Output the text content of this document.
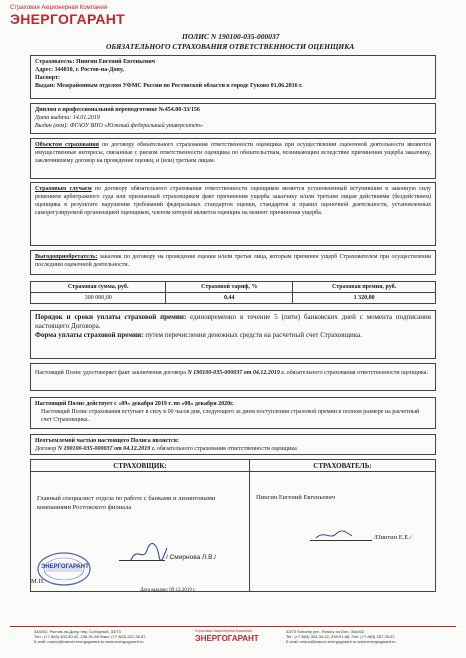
Страховая Акционерная Компания
ЭНЕРГОГАРАНТ
ПОЛИС N 190100-035-000037
ОБЯЗАТЕЛЬНОГО СТРАХОВАНИЯ ОТВЕТСТВЕННОСТИ ОЦЕНЩИКА
Страхователь: Пингин Евгений Евгеньевич
Адрес: 344010, г. Ростов-на-Дону,
Паспорт:
Выдан: Межрайонным отделом УФМС России по Ростовской области в городе Гуково 01.06.2016 г.
Диплом о профессиональной переподготовке №454.00-33/156
Дата выдачи: 14.01.2019
Выдан (кем): ФГАОУ ВПО «Южный федеральный университет»
Объектом страхования по договору обязательного страхования ответственности оценщика при осуществлении оценочной деятельности являются имущественные интересы, связанные с риском ответственности оценщика по обязательствам, возникающим вследствие причинения ущерба заказчику, заключившему договор на проведение оценки, и (или) третьим лицам.
Страховым случаем по договору обязательного страхования ответственности оценщиков является установленный вступившим в законную силу решением арбитражного суда или признанный страховщиком факт причинения ущерба заказчику и/или третьим лицам действиями (бездействием) оценщика в результате нарушения требований федеральных стандартов оценки, стандартов и правил оценочной деятельности, установленных саморегулируемой организацией оценщиков, членом которой является оценщик на момент причинения ущерба.
Выгодоприобретатель: заказчик по договору на проведение оценки и/или третьи лица, которым причинен ущерб Страхователем при осуществлении последним оценочной деятельности.
Страховая сумма, руб.	Страховой тариф, %	Страховая премия, руб.
300 000,00	0,44	1 320,00
Порядок и сроки уплаты страховой премии: единовременно в течение 5 (пяти) банковских дней с момента подписания настоящего Договора.
Форма уплаты страховой премии: путем перечисления денежных средств на расчетный счет Страховщика.
Настоящий Полис удостоверяет факт заключения договора N 190100-035-000037 от 04.12.2019 г. обязательного страхования ответственности оценщика.
Настоящий Полис действует с «09» декабря 2019 г. по «08» декабря 2020г.
Настоящий Полис страхования вступает в силу в 00 часов дня, следующего за днем поступления страховой премии в полном размере на расчетный счет Страховщика.
Неотъемлемой частью настоящего Полиса является:
Договор N 190100-035-000037 от 04.12.2019 г. обязательного страхования ответственности оценщика
СТРАХОВЩИК:
Главный специалист отдела по работе с банками и лизинговыми компаниями Ростовского филиала
ЭНЕРГОГАРАНТ
М.П.
/ Смирнова Л.В./
СТРАХОВАТЕЛЬ:
Пингин Евгений Евгеньевич
/Пингин Е.Е./
Дата выдачи: 09.12.2019 г.
344002, Ростов-на-Дону, пер. Соборный, 33/73
Тел.: (+7 863) 303-30-42, 238-91-68 Факс: (+7 863) 267-35-87
E-mail: rostov@branch.energogarant.ru www.energogarant.ru
Страховая Акционерная Компания
ЭНЕРГОГАРАНТ
33/73 Soborny per., Rostov on Don, 344002
Tel.: (+7 863) 303-30-42, 238-91-68, Fax: (+7 863) 267-35-87
E-mail: rostov@branch.energogarant.ru www.energogarant.ru
